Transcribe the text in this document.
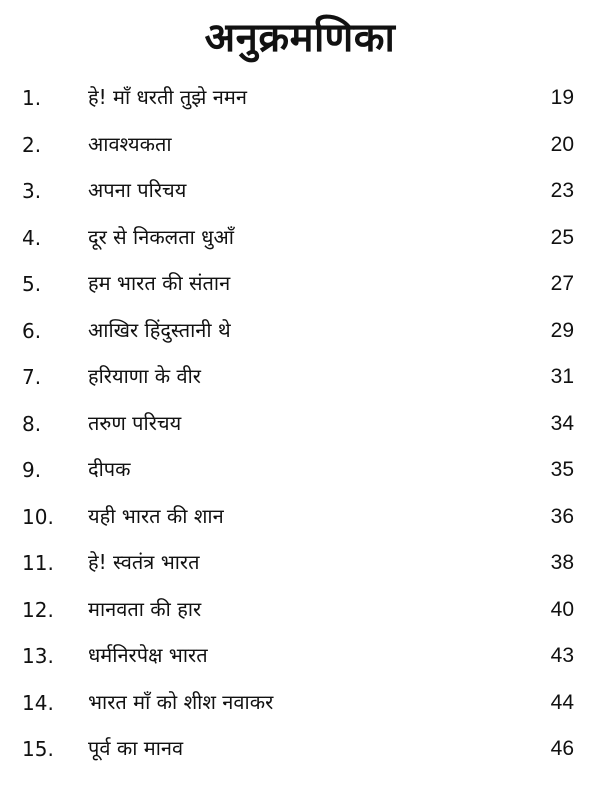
अनुक्रमणिका
1. हे! माँ धरती तुझे नमन	19
2. आवश्यकता	20
3. अपना परिचय	23
4. दूर से निकलता धुआँ	25
5. हम भारत की संतान	27
6. आखिर हिंदुस्तानी थे	29
7. हरियाणा के वीर	31
8. तरुण परिचय	34
9. दीपक	35
10. यही भारत की शान	36
11. हे! स्वतंत्र भारत	38
12. मानवता की हार	40
13. धर्मनिरपेक्ष भारत	43
14. भारत माँ को शीश नवाकर	44
15. पूर्व का मानव	46
